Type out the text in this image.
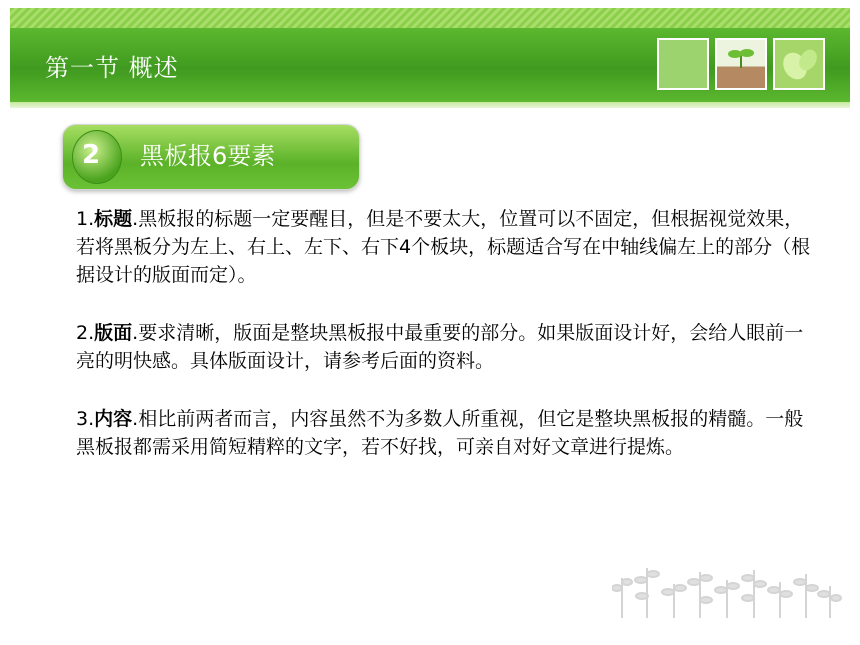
第一节 概述
2 黑板报6要素

1.标题.黑板报的标题一定要醒目，但是不要太大，位置可以不固定，但根据视觉效果，若将黑板分为左上、右上、左下、右下4个板块，标题适合写在中轴线偏左上的部分（根据设计的版面而定）。

2.版面.要求清晰，版面是整块黑板报中最重要的部分。如果版面设计好，会给人眼前一亮的明快感。具体版面设计，请参考后面的资料。

3.内容.相比前两者而言，内容虽然不为多数人所重视，但它是整块黑板报的精髓。一般黑板报都需采用简短精粹的文字，若不好找，可亲自对好文章进行提炼。
